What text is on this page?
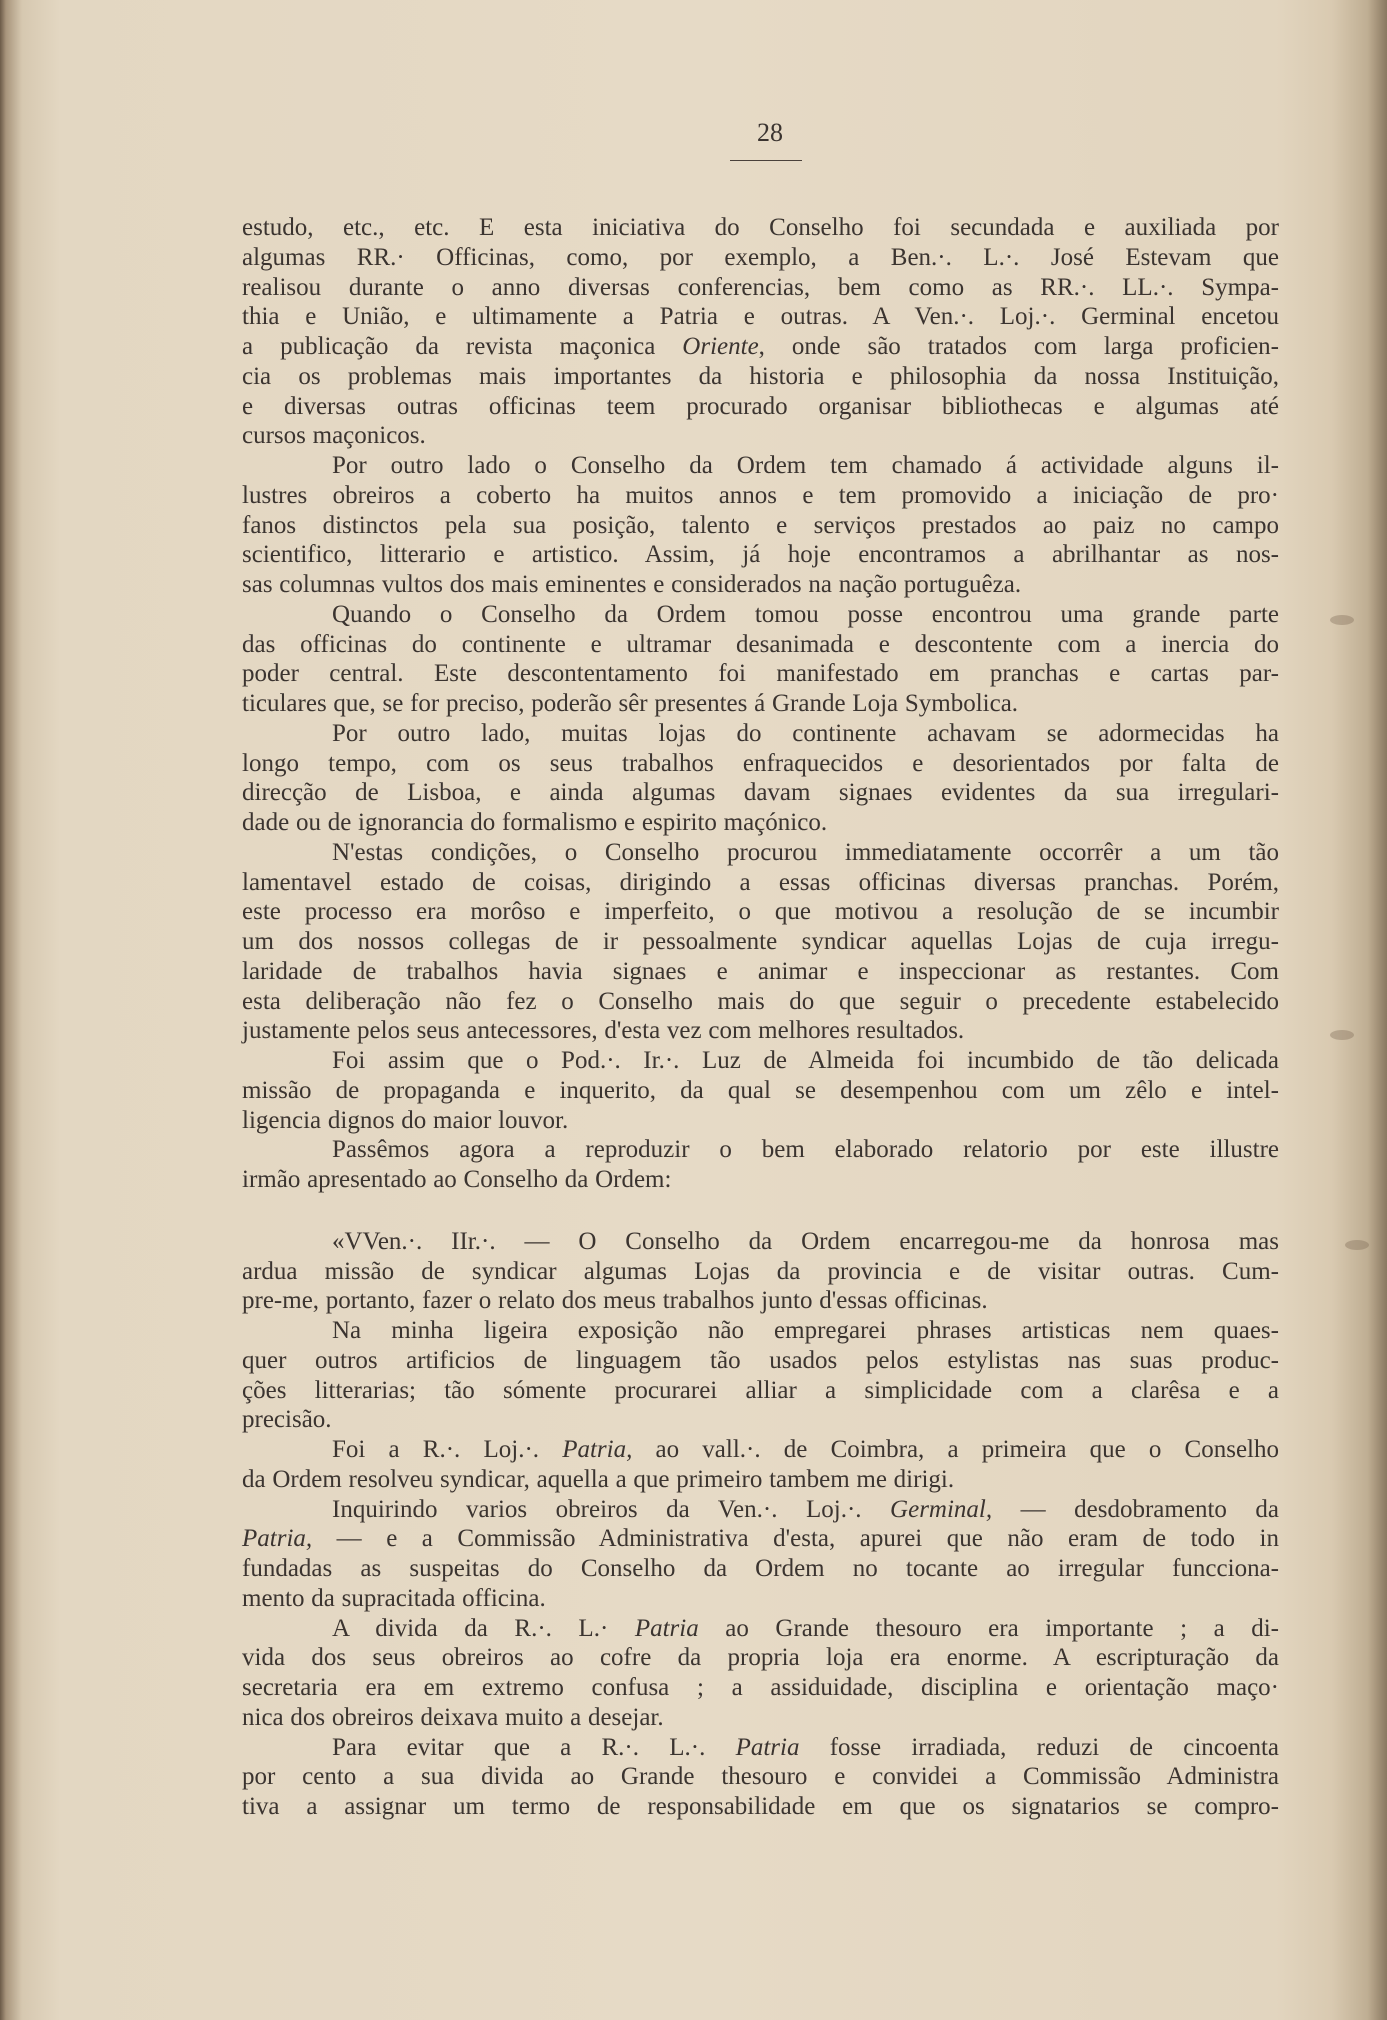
28
estudo, etc., etc. E esta iniciativa do Conselho foi secundada e auxiliada por
algumas RR.· Officinas, como, por exemplo, a Ben.·. L.·. José Estevam que
realisou durante o anno diversas conferencias, bem como as RR.·. LL.·. Sympa-
thia e União, e ultimamente a Patria e outras. A Ven.·. Loj.·. Germinal encetou
a publicação da revista maçonica Oriente, onde são tratados com larga proficien-
cia os problemas mais importantes da historia e philosophia da nossa Instituição,
e diversas outras officinas teem procurado organisar bibliothecas e algumas até
cursos maçonicos.
Por outro lado o Conselho da Ordem tem chamado á actividade alguns il-
lustres obreiros a coberto ha muitos annos e tem promovido a iniciação de pro·
fanos distinctos pela sua posição, talento e serviços prestados ao paiz no campo
scientifico, litterario e artistico. Assim, já hoje encontramos a abrilhantar as nos-
sas columnas vultos dos mais eminentes e considerados na nação portuguêza.
Quando o Conselho da Ordem tomou posse encontrou uma grande parte
das officinas do continente e ultramar desanimada e descontente com a inercia do
poder central. Este descontentamento foi manifestado em pranchas e cartas par-
ticulares que, se for preciso, poderão sêr presentes á Grande Loja Symbolica.
Por outro lado, muitas lojas do continente achavam se adormecidas ha
longo tempo, com os seus trabalhos enfraquecidos e desorientados por falta de
direcção de Lisboa, e ainda algumas davam signaes evidentes da sua irregulari-
dade ou de ignorancia do formalismo e espirito maçónico.
N'estas condições, o Conselho procurou immediatamente occorrêr a um tão
lamentavel estado de coisas, dirigindo a essas officinas diversas pranchas. Porém,
este processo era morôso e imperfeito, o que motivou a resolução de se incumbir
um dos nossos collegas de ir pessoalmente syndicar aquellas Lojas de cuja irregu-
laridade de trabalhos havia signaes e animar e inspeccionar as restantes. Com
esta deliberação não fez o Conselho mais do que seguir o precedente estabelecido
justamente pelos seus antecessores, d'esta vez com melhores resultados.
Foi assim que o Pod.·. Ir.·. Luz de Almeida foi incumbido de tão delicada
missão de propaganda e inquerito, da qual se desempenhou com um zêlo e intel-
ligencia dignos do maior louvor.
Passêmos agora a reproduzir o bem elaborado relatorio por este illustre
irmão apresentado ao Conselho da Ordem:
«VVen.·. IIr.·. — O Conselho da Ordem encarregou-me da honrosa mas
ardua missão de syndicar algumas Lojas da provincia e de visitar outras. Cum-
pre-me, portanto, fazer o relato dos meus trabalhos junto d'essas officinas.
Na minha ligeira exposição não empregarei phrases artisticas nem quaes-
quer outros artificios de linguagem tão usados pelos estylistas nas suas produc-
ções litterarias; tão sómente procurarei alliar a simplicidade com a clarêsa e a
precisão.
Foi a R.·. Loj.·. Patria, ao vall.·. de Coimbra, a primeira que o Conselho
da Ordem resolveu syndicar, aquella a que primeiro tambem me dirigi.
Inquirindo varios obreiros da Ven.·. Loj.·. Germinal, — desdobramento da
Patria, — e a Commissão Administrativa d'esta, apurei que não eram de todo in
fundadas as suspeitas do Conselho da Ordem no tocante ao irregular funcciona-
mento da supracitada officina.
A divida da R.·. L.· Patria ao Grande thesouro era importante ; a di-
vida dos seus obreiros ao cofre da propria loja era enorme. A escripturação da
secretaria era em extremo confusa ; a assiduidade, disciplina e orientação maço·
nica dos obreiros deixava muito a desejar.
Para evitar que a R.·. L.·. Patria fosse irradiada, reduzi de cincoenta
por cento a sua divida ao Grande thesouro e convidei a Commissão Administra
tiva a assignar um termo de responsabilidade em que os signatarios se compro-
